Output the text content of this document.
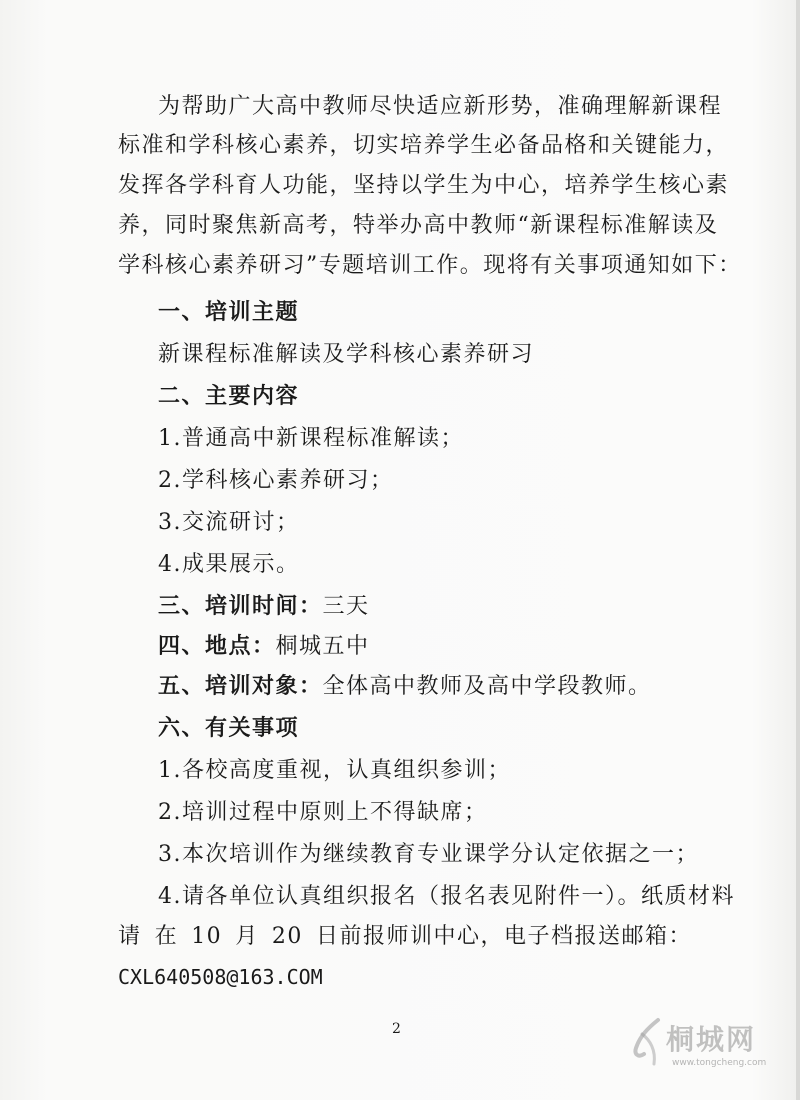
为帮助广大高中教师尽快适应新形势，准确理解新课程
标准和学科核心素养，切实培养学生必备品格和关键能力，
发挥各学科育人功能，坚持以学生为中心，培养学生核心素
养，同时聚焦新高考，特举办高中教师“新课程标准解读及
学科核心素养研习”专题培训工作。现将有关事项通知如下：
一、培训主题
新课程标准解读及学科核心素养研习
二、主要内容
1.普通高中新课程标准解读；
2.学科核心素养研习；
3.交流研讨；
4.成果展示。
三、培训时间：三天
四、地点：桐城五中
五、培训对象：全体高中教师及高中学段教师。
六、有关事项
1.各校高度重视，认真组织参训；
2.培训过程中原则上不得缺席；
3.本次培训作为继续教育专业课学分认定依据之一；
4.请各单位认真组织报名（报名表见附件一）。纸质材料
请 在 10 月 20 日前报师训中心，电子档报送邮箱：
CXL640508@163.COM
2	桐城网
www.tongcheng.com
